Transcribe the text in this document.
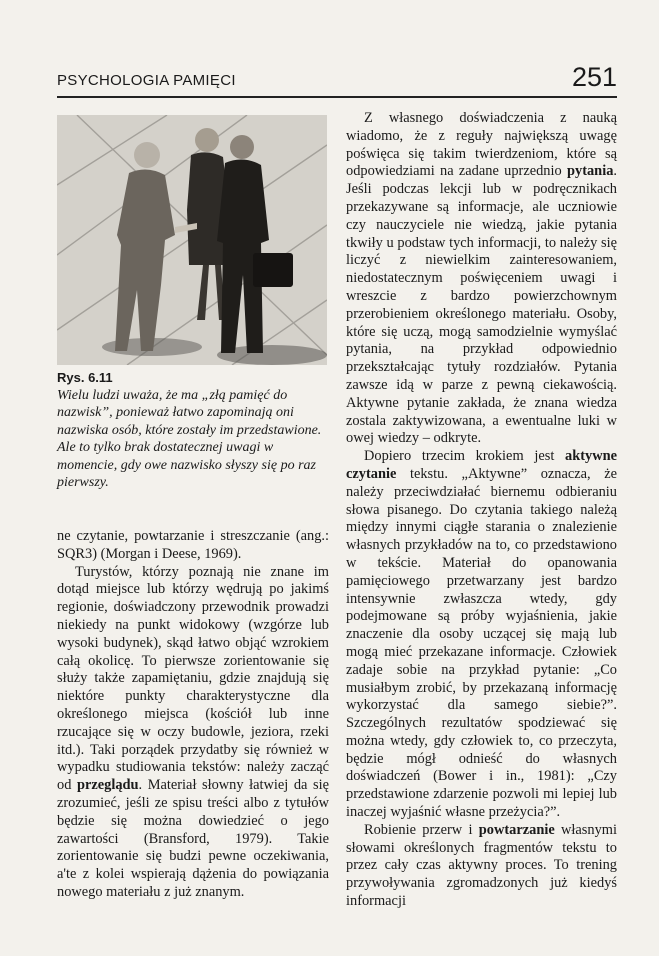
PSYCHOLOGIA PAMIĘCI	251
Rys. 6.11
Wielu ludzi uważa, że ma „złą pamięć do nazwisk”, ponieważ łatwo zapominają oni nazwiska osób, które zostały im przedstawione. Ale to tylko brak dostatecznej uwagi w momencie, gdy owe nazwisko słyszy się po raz pierwszy.

ne czytanie, powtarzanie i streszczanie (ang.: SQR3) (Morgan i Deese, 1969).

Turystów, którzy poznają nie znane im dotąd miejsce lub którzy wędrują po jakimś regionie, doświadczony przewodnik prowadzi niekiedy na punkt widokowy (wzgórze lub wysoki budynek), skąd łatwo objąć wzrokiem całą okolicę. To pierwsze zorientowanie się służy także zapamiętaniu, gdzie znajdują się niektóre punkty charakterystyczne dla określonego miejsca (kościół lub inne rzucające się w oczy budowle, jeziora, rzeki itd.). Taki porządek przydatby się również w wypadku studiowania tekstów: należy zacząć od przeglądu. Materiał słowny łatwiej da się zrozumieć, jeśli ze spisu treści albo z tytułów będzie się można dowiedzieć o jego zawartości (Bransford, 1979). Takie zorientowanie się budzi pewne oczekiwania, a'te z kolei wspierają dążenia do powiązania nowego materiału z już znanym.

Z własnego doświadczenia z nauką wiadomo, że z reguły największą uwagę poświęca się takim twierdzeniom, które są odpowiedziami na zadane uprzednio pytania. Jeśli podczas lekcji lub w podręcznikach przekazywane są informacje, ale uczniowie czy nauczyciele nie wiedzą, jakie pytania tkwiły u podstaw tych informacji, to należy się liczyć z niewielkim zainteresowaniem, niedostatecznym poświęceniem uwagi i wreszcie z bardzo powierzchownym przerobieniem określonego materiału. Osoby, które się uczą, mogą samodzielnie wymyślać pytania, na przykład odpowiednio przekształcając tytuły rozdziałów. Pytania zawsze idą w parze z pewną ciekawością. Aktywne pytanie zakłada, że znana wiedza zostala zaktywizowana, a ewentualne luki w owej wiedzy – odkryte.

Dopiero trzecim krokiem jest aktywne czytanie tekstu. „Aktywne” oznacza, że należy przeciwdziałać biernemu odbieraniu słowa pisanego. Do czytania takiego należą między innymi ciągłe starania o znalezienie własnych przykładów na to, co przedstawiono w tekście. Materiał do opanowania pamięciowego przetwarzany jest bardzo intensywnie zwłaszcza wtedy, gdy podejmowane są próby wyjaśnienia, jakie znaczenie dla osoby uczącej się mają lub mogą mieć przekazane informacje. Człowiek zadaje sobie na przykład pytanie: „Co musiałbym zrobić, by przekazaną informację wykorzystać dla samego siebie?”. Szczególnych rezultatów spodziewać się można wtedy, gdy człowiek to, co przeczyta, będzie mógł odnieść do własnych doświadczeń (Bower i in., 1981): „Czy przedstawione zdarzenie pozwoli mi lepiej lub inaczej wyjaśnić własne przeżycia?”.

Robienie przerw i powtarzanie własnymi słowami określonych fragmentów tekstu to przez cały czas aktywny proces. To trening przywoływania zgromadzonych już kiedyś informacji
